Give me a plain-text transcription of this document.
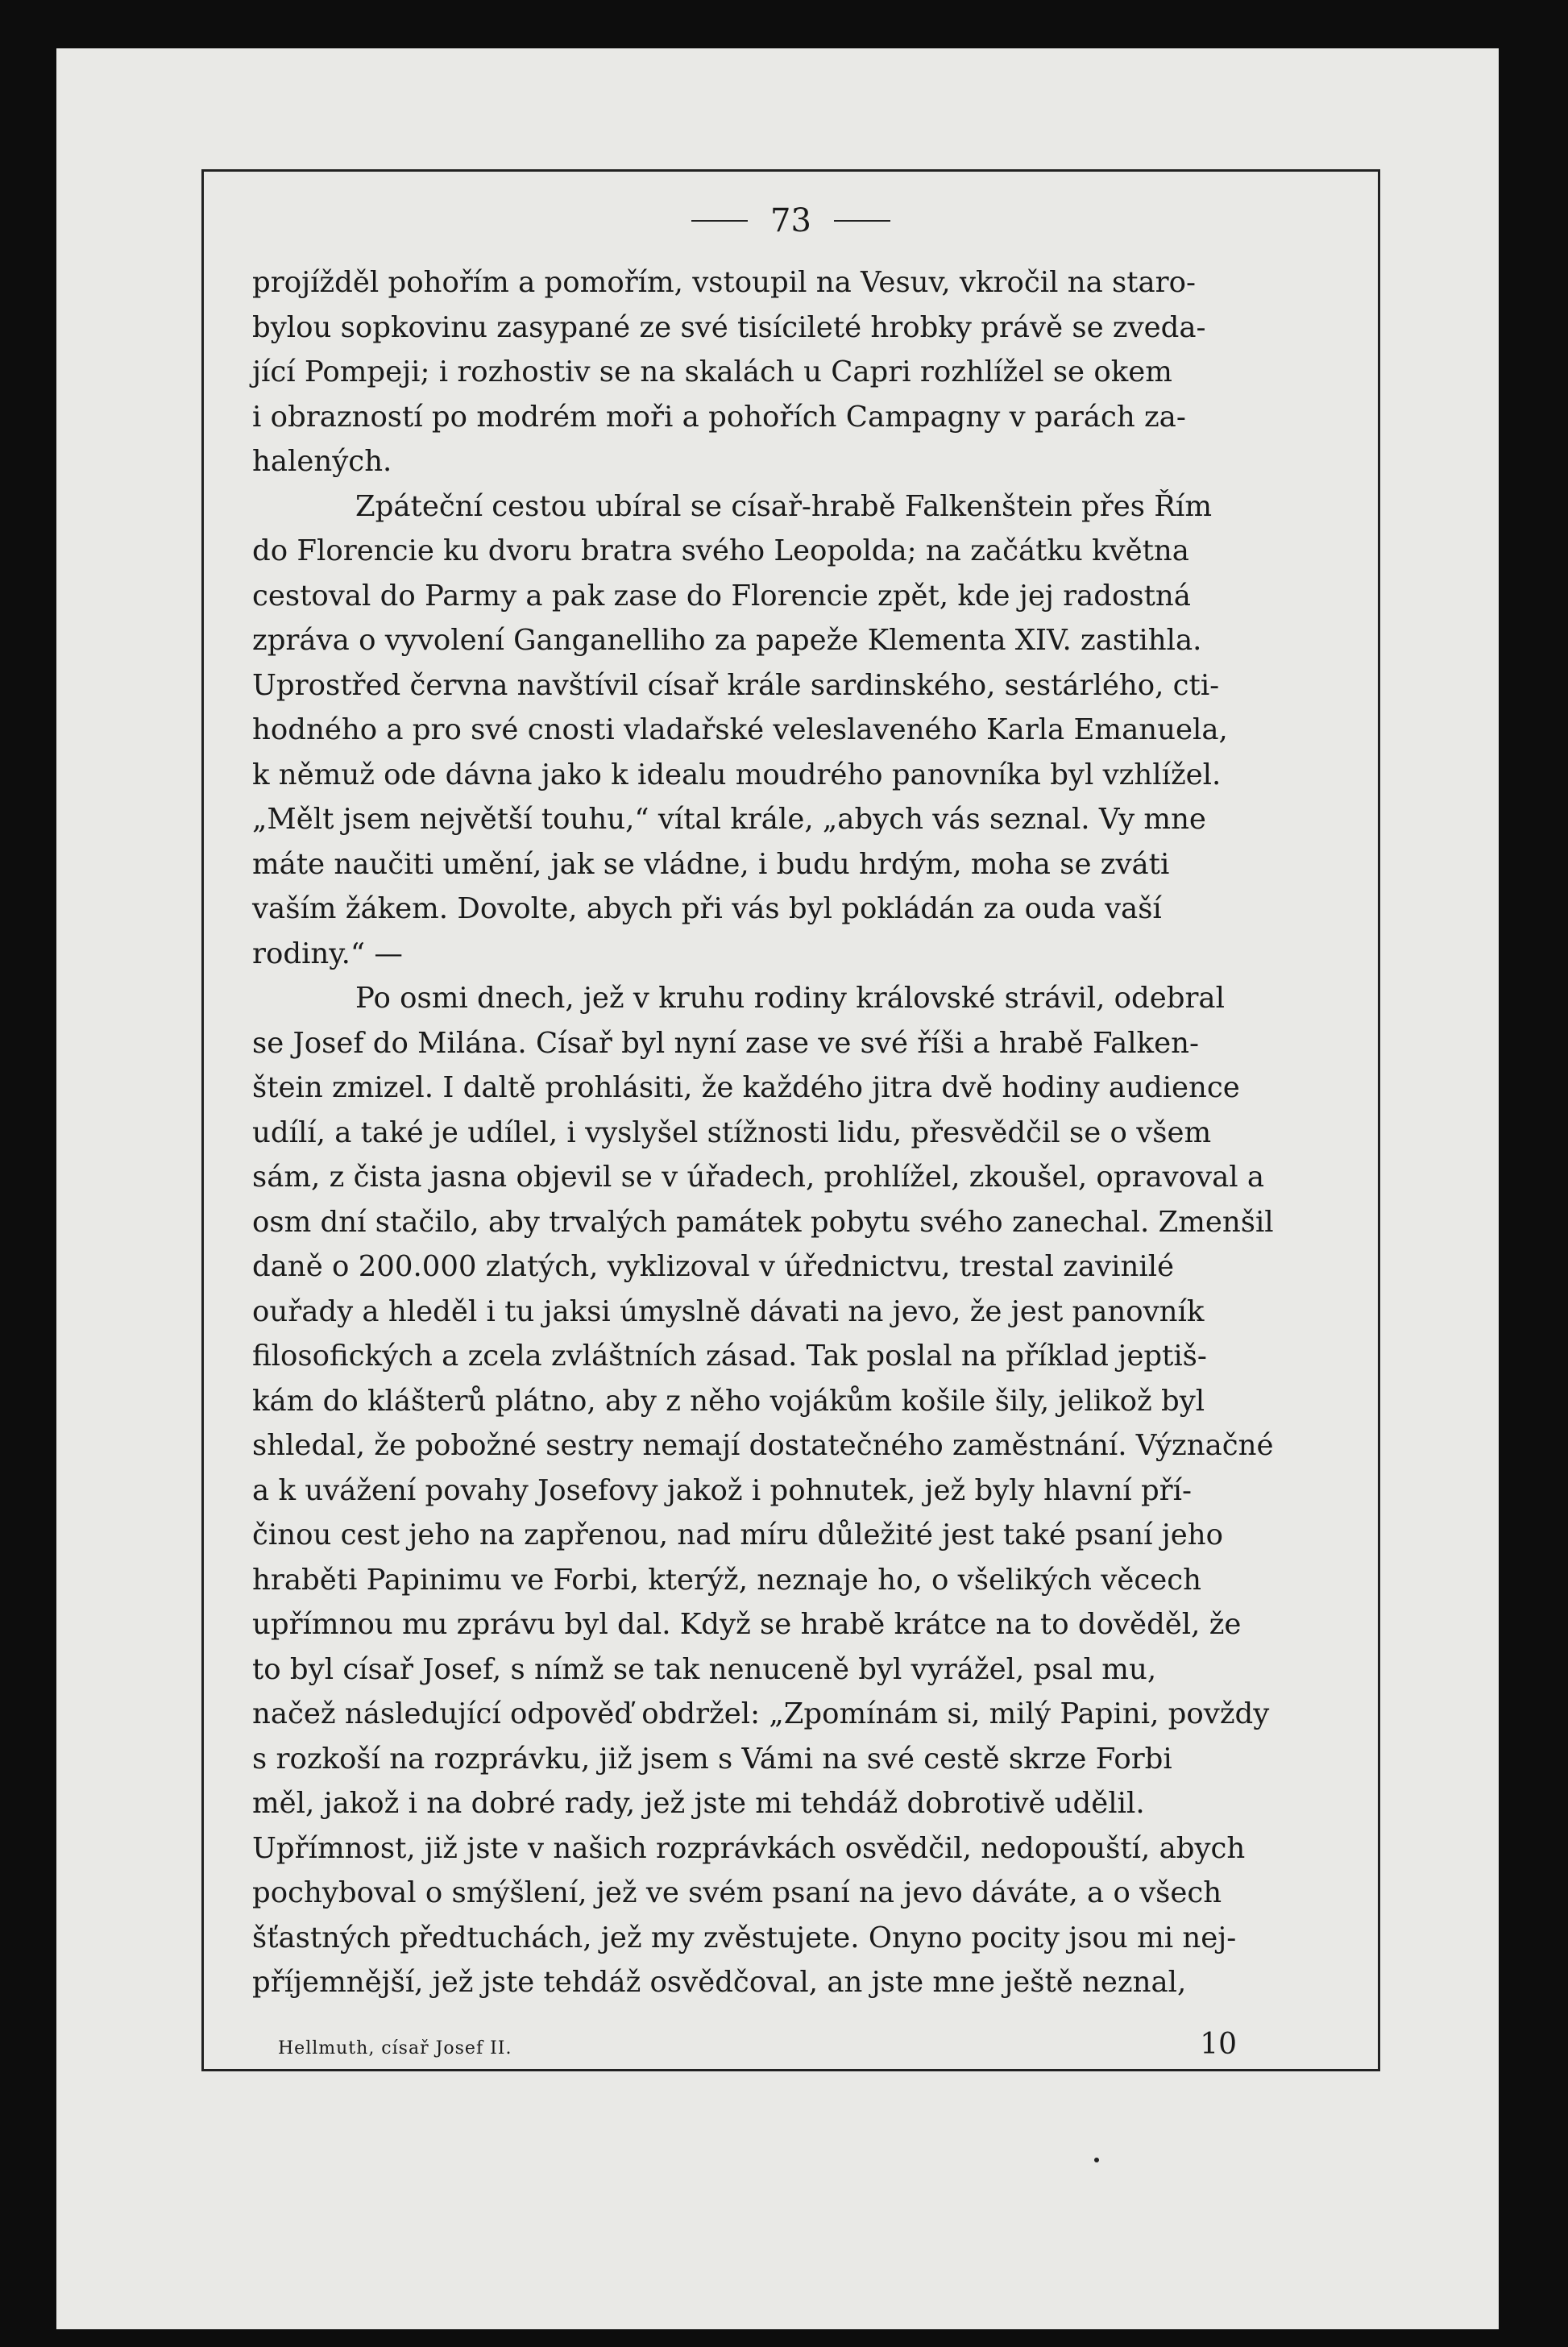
73

projížděl pohořím a pomořím, vstoupil na Vesuv, vkročil na staro-
bylou sopkovinu zasypané ze své tisícileté hrobky právě se zveda-
jící Pompeji; i rozhostiv se na skalách u Capri rozhlížel se okem
i obrazností po modrém moři a pohořích Campagny v parách za-
halených.

Zpáteční cestou ubíral se císař-hrabě Falkenštein přes Řím
do Florencie ku dvoru bratra svého Leopolda; na začátku května
cestoval do Parmy a pak zase do Florencie zpět, kde jej radostná
zpráva o vyvolení Ganganelliho za papeže Klementa XIV. zastihla.
Uprostřed června navštívil císař krále sardinského, sestárlého, cti-
hodného a pro své cnosti vladařské veleslaveného Karla Emanuela,
k němuž ode dávna jako k idealu moudrého panovníka byl vzhlížel.
„Mělt jsem největší touhu,“ vítal krále, „abych vás seznal. Vy mne
máte naučiti umění, jak se vládne, i budu hrdým, moha se zváti
vaším žákem. Dovolte, abych při vás byl pokládán za ouda vaší
rodiny.“ —

Po osmi dnech, jež v kruhu rodiny královské strávil, odebral
se Josef do Milána. Císař byl nyní zase ve své říši a hrabě Falken-
štein zmizel. I daltě prohlásiti, že každého jitra dvě hodiny audience
udílí, a také je udílel, i vyslyšel stížnosti lidu, přesvědčil se o všem
sám, z čista jasna objevil se v úřadech, prohlížel, zkoušel, opravoval a
osm dní stačilo, aby trvalých památek pobytu svého zanechal. Zmenšil
daně o 200.000 zlatých, vyklizoval v úřednictvu, trestal zavinilé
ouřady a hleděl i tu jaksi úmyslně dávati na jevo, že jest panovník
filosofických a zcela zvláštních zásad. Tak poslal na příklad jeptiš-
kám do klášterů plátno, aby z něho vojákům košile šily, jelikož byl
shledal, že pobožné sestry nemají dostatečného zaměstnání. Význačné
a k uvážení povahy Josefovy jakož i pohnutek, jež byly hlavní pří-
činou cest jeho na zapřenou, nad míru důležité jest také psaní jeho
hraběti Papinimu ve Forbi, kterýž, neznaje ho, o všelikých věcech
upřímnou mu zprávu byl dal. Když se hrabě krátce na to dověděl, že
to byl císař Josef, s nímž se tak nenuceně byl vyrážel, psal mu,
načež následující odpověď obdržel: „Zpomínám si, milý Papini, povždy
s rozkoší na rozprávku, již jsem s Vámi na své cestě skrze Forbi
měl, jakož i na dobré rady, jež jste mi tehdáž dobrotivě udělil.
Upřímnost, již jste v našich rozprávkách osvědčil, nedopouští, abych
pochyboval o smýšlení, jež ve svém psaní na jevo dáváte, a o všech
šťastných předtuchách, jež my zvěstujete. Onyno pocity jsou mi nej-
příjemnější, jež jste tehdáž osvědčoval, an jste mne ještě neznal,

Hellmuth, císař Josef II.	10
